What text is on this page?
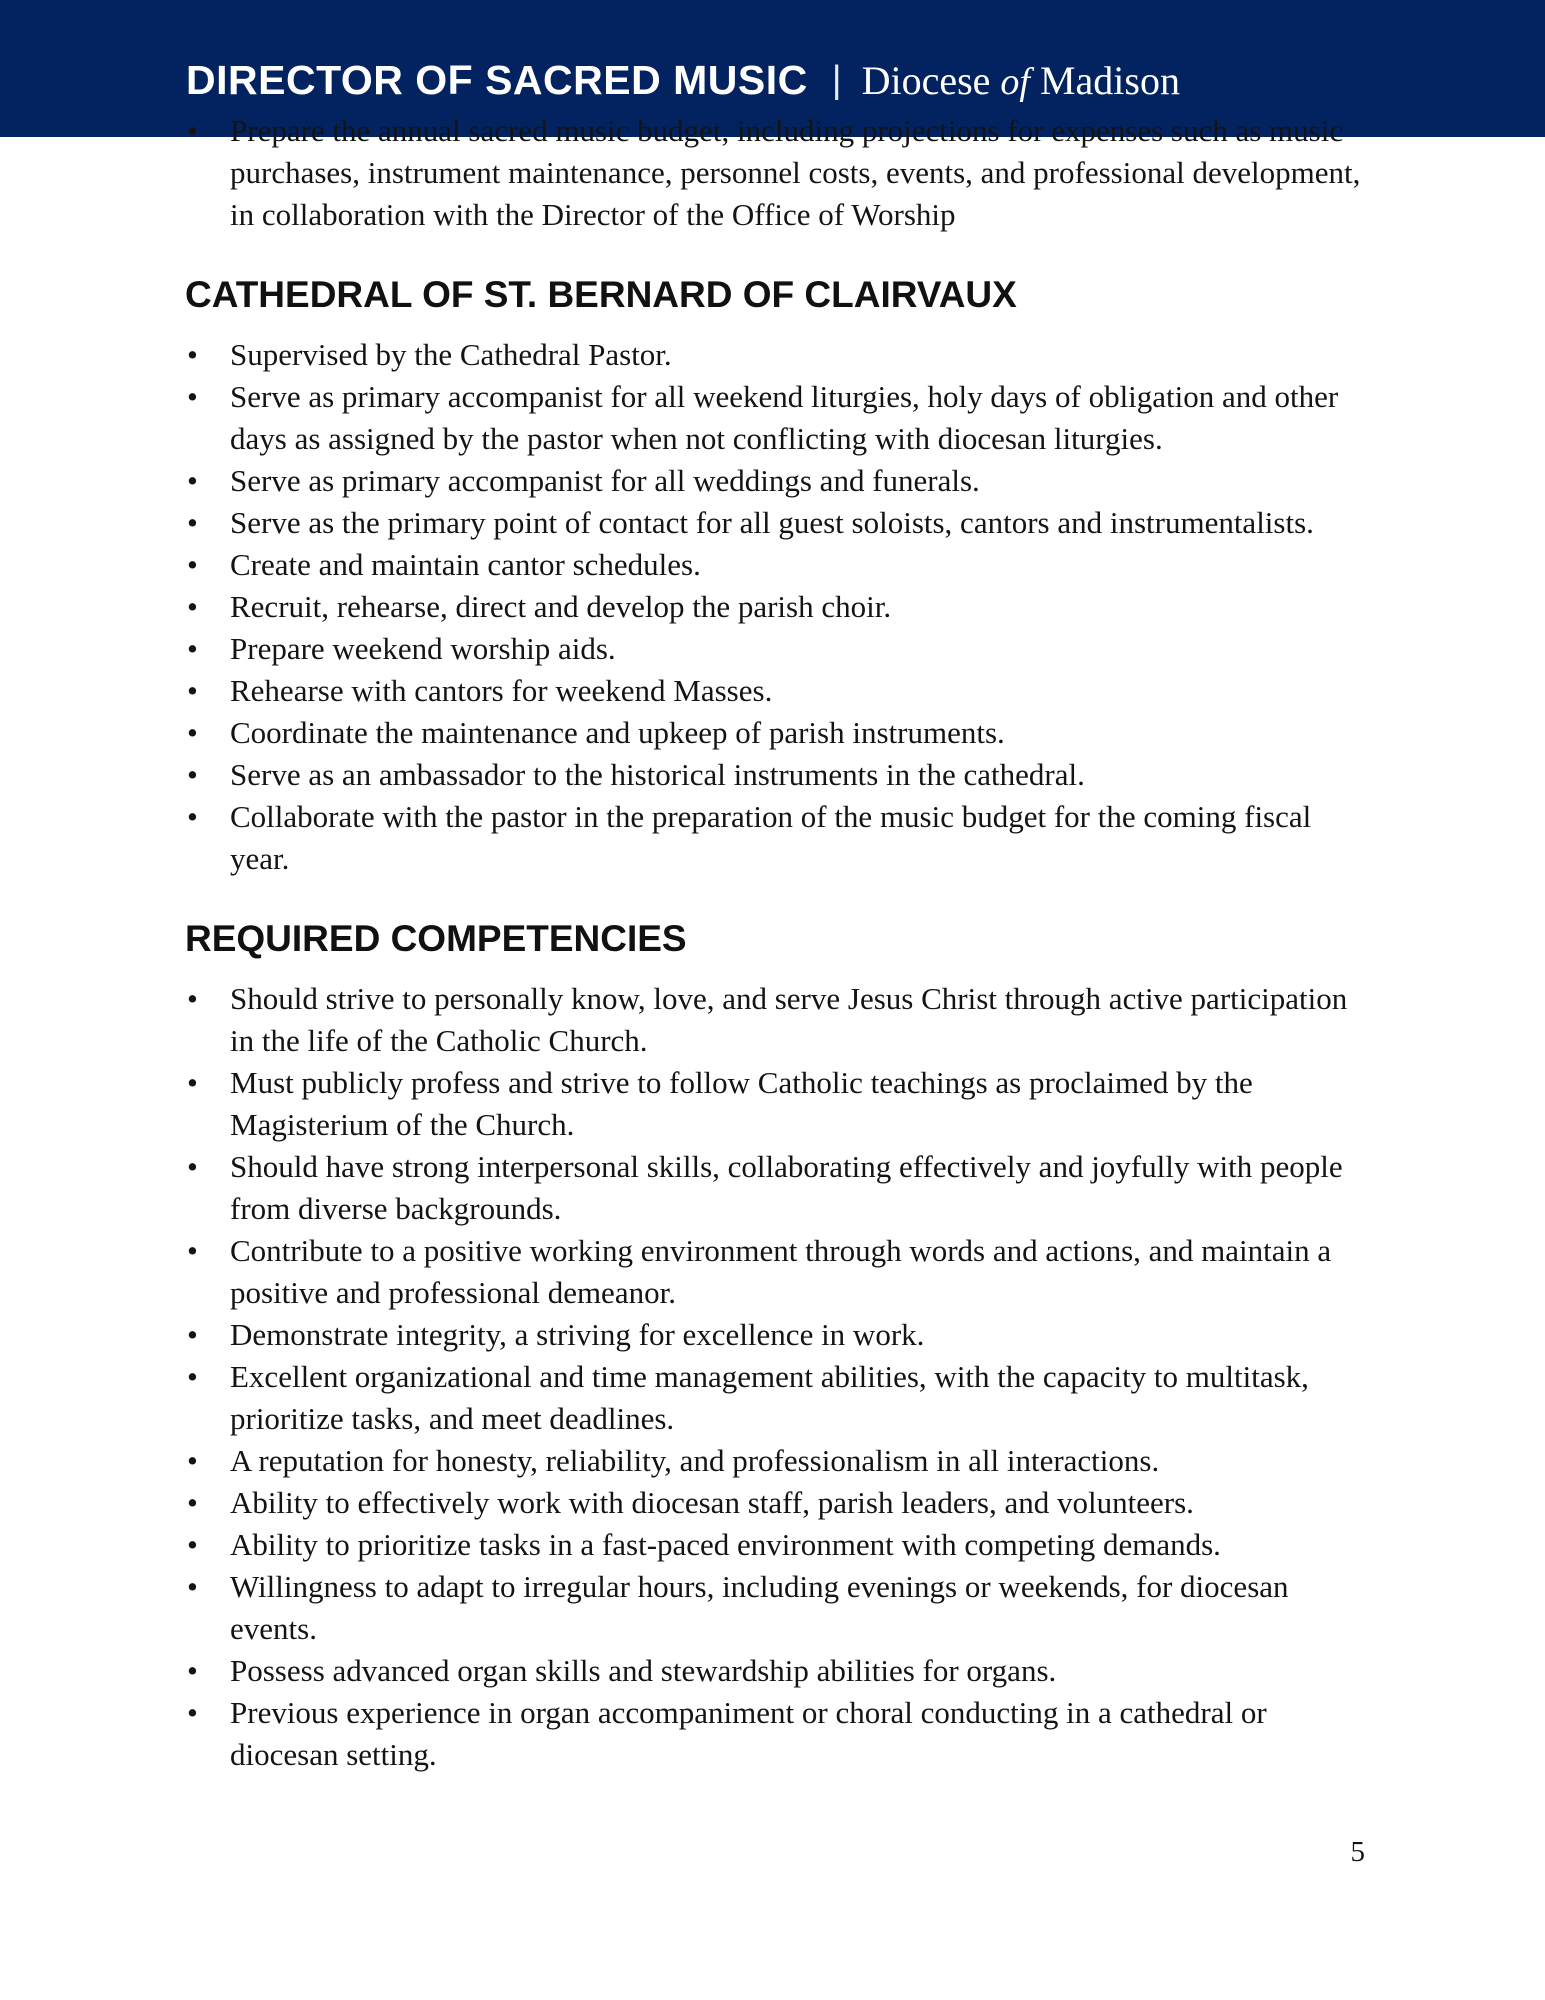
DIRECTOR OF SACRED MUSIC | Diocese of Madison
• Prepare the annual sacred music budget, including projections for expenses such as music purchases, instrument maintenance, personnel costs, events, and professional development, in collaboration with the Director of the Office of Worship
CATHEDRAL OF ST. BERNARD OF CLAIRVAUX
• Supervised by the Cathedral Pastor.
• Serve as primary accompanist for all weekend liturgies, holy days of obligation and other days as assigned by the pastor when not conflicting with diocesan liturgies.
• Serve as primary accompanist for all weddings and funerals.
• Serve as the primary point of contact for all guest soloists, cantors and instrumentalists.
• Create and maintain cantor schedules.
• Recruit, rehearse, direct and develop the parish choir.
• Prepare weekend worship aids.
• Rehearse with cantors for weekend Masses.
• Coordinate the maintenance and upkeep of parish instruments.
• Serve as an ambassador to the historical instruments in the cathedral.
• Collaborate with the pastor in the preparation of the music budget for the coming fiscal year.
REQUIRED COMPETENCIES
• Should strive to personally know, love, and serve Jesus Christ through active participation in the life of the Catholic Church.
• Must publicly profess and strive to follow Catholic teachings as proclaimed by the Magisterium of the Church.
• Should have strong interpersonal skills, collaborating effectively and joyfully with people from diverse backgrounds.
• Contribute to a positive working environment through words and actions, and maintain a positive and professional demeanor.
• Demonstrate integrity, a striving for excellence in work.
• Excellent organizational and time management abilities, with the capacity to multitask, prioritize tasks, and meet deadlines.
• A reputation for honesty, reliability, and professionalism in all interactions.
• Ability to effectively work with diocesan staff, parish leaders, and volunteers.
• Ability to prioritize tasks in a fast-paced environment with competing demands.
• Willingness to adapt to irregular hours, including evenings or weekends, for diocesan events.
• Possess advanced organ skills and stewardship abilities for organs.
• Previous experience in organ accompaniment or choral conducting in a cathedral or diocesan setting.
5
